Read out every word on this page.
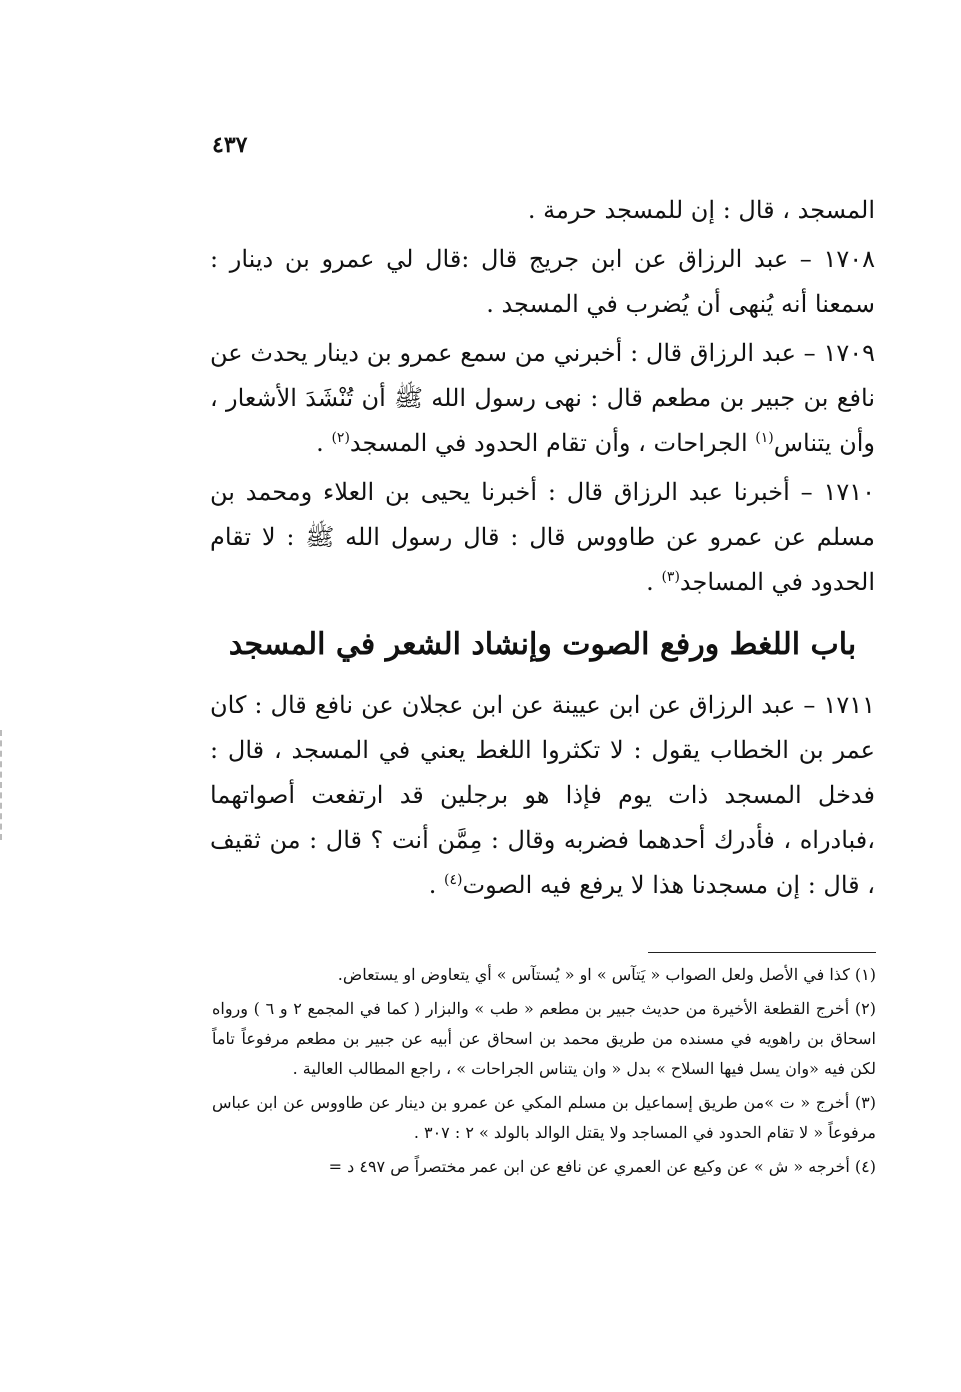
٤٣٧

المسجد ، قال : إن للمسجد حرمة .

١٧٠٨ – عبد الرزاق عن ابن جريج قال :قال لي عمرو بن دينار : سمعنا أنه يُنهى أن يُضرب في المسجد .

١٧٠٩ – عبد الرزاق قال : أخبرني من سمع عمرو بن دينار يحدث عن نافع بن جبير بن مطعم قال : نهى رسول الله ﷺ أن تُنْشَدَ الأشعار ، وأن يتناس$^{(١)}$ الجراحات ، وأن تقام الحدود في المسجد$^{(٢)}$ .

١٧١٠ – أخبرنا عبد الرزاق قال : أخبرنا يحيى بن العلاء ومحمد بن مسلم عن عمرو عن طاووس قال : قال رسول الله ﷺ : لا تقام الحدود في المساجد$^{(٣)}$ .

باب اللغط ورفع الصوت وإنشاد الشعر في المسجد

١٧١١ – عبد الرزاق عن ابن عيينة عن ابن عجلان عن نافع قال : كان عمر بن الخطاب يقول : لا تكثروا اللغط يعني في المسجد ، قال : فدخل المسجد ذات يوم فإذا هو برجلين قد ارتفعت أصواتهما ،فبادراه ، فأدرك أحدهما فضربه وقال : مِمَّن أنت ؟ قال : من ثقيف ، قال : إن مسجدنا هذا لا يرفع فيه الصوت$^{(٤)}$ .

(١) كذا في الأصل ولعل الصواب « يَتآس » او « يُستآس » أي يتعاوض او يستعاض.

(٢) أخرج القطعة الأخيرة من حديث جبير بن مطعم « طب » والبزار ( كما في المجمع ٢ و ٦ ) ورواه اسحاق بن راهويه في مسنده من طريق محمد بن اسحاق عن أبيه عن جبير بن مطعم مرفوعاً تاماً لكن فيه «وان يسل فيها السلاح » بدل « وان يتناس الجراحات » ، راجع المطالب العالية .

(٣) أخرج « ت »من طريق إسماعيل بن مسلم المكي عن عمرو بن دينار عن طاووس عن ابن عباس مرفوعاً « لا تقام الحدود في المساجد ولا يقتل الوالد بالولد » ٢ : ٣٠٧ .

(٤) أخرجه « ش » عن وكيع عن العمري عن نافع عن ابن عمر مختصراً ص ٤٩٧ د =
